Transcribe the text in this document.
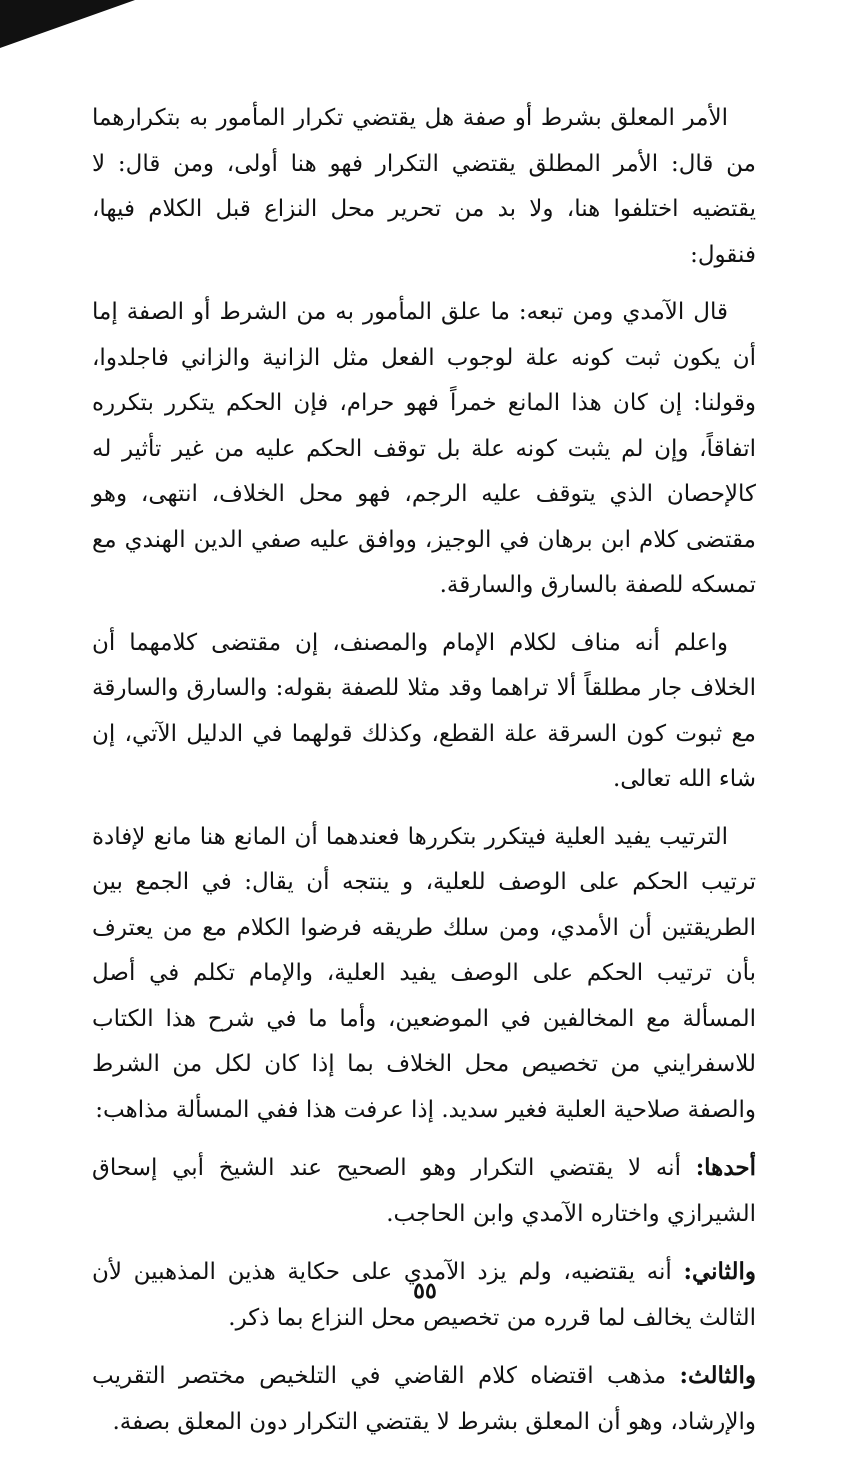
الأمر المعلق بشرط أو صفة هل يقتضي تكرار المأمور به بتكرارهما من قال: الأمر المطلق يقتضي التكرار فهو هنا أولى، ومن قال: لا يقتضيه اختلفوا هنا، ولا بد من تحرير محل النزاع قبل الكلام فيها، فنقول:

قال الآمدي ومن تبعه: ما علق المأمور به من الشرط أو الصفة إما أن يكون ثبت كونه علة لوجوب الفعل مثل الزانية والزاني فاجلدوا، وقولنا: إن كان هذا المانع خمراً فهو حرام، فإن الحكم يتكرر بتكرره اتفاقاً، وإن لم يثبت كونه علة بل توقف الحكم عليه من غير تأثير له كالإحصان الذي يتوقف عليه الرجم، فهو محل الخلاف، انتهى، وهو مقتضى كلام ابن برهان في الوجيز، ووافق عليه صفي الدين الهندي مع تمسكه للصفة بالسارق والسارقة.

واعلم أنه مناف لكلام الإمام والمصنف، إن مقتضى كلامهما أن الخلاف جار مطلقاً ألا تراهما وقد مثلا للصفة بقوله: والسارق والسارقة مع ثبوت كون السرقة علة القطع، وكذلك قولهما في الدليل الآتي، إن شاء الله تعالى.

الترتيب يفيد العلية فيتكرر بتكررها فعندهما أن المانع هنا مانع لإفادة ترتيب الحكم على الوصف للعلية، و ينتجه أن يقال: في الجمع بين الطريقتين أن الأمدي، ومن سلك طريقه فرضوا الكلام مع من يعترف بأن ترتيب الحكم على الوصف يفيد العلية، والإمام تكلم في أصل المسألة مع المخالفين في الموضعين، وأما ما في شرح هذا الكتاب للاسفرايني من تخصيص محل الخلاف بما إذا كان لكل من الشرط والصفة صلاحية العلية فغير سديد. إذا عرفت هذا ففي المسألة مذاهب:

أحدها: أنه لا يقتضي التكرار وهو الصحيح عند الشيخ أبي إسحاق الشيرازي واختاره الآمدي وابن الحاجب.

والثاني: أنه يقتضيه، ولم يزد الآمدي على حكاية هذين المذهبين لأن الثالث يخالف لما قرره من تخصيص محل النزاع بما ذكر.

والثالث: مذهب اقتضاه كلام القاضي في التلخيص مختصر التقريب والإرشاد، وهو أن المعلق بشرط لا يقتضي التكرار دون المعلق بصفة.

٥٥
